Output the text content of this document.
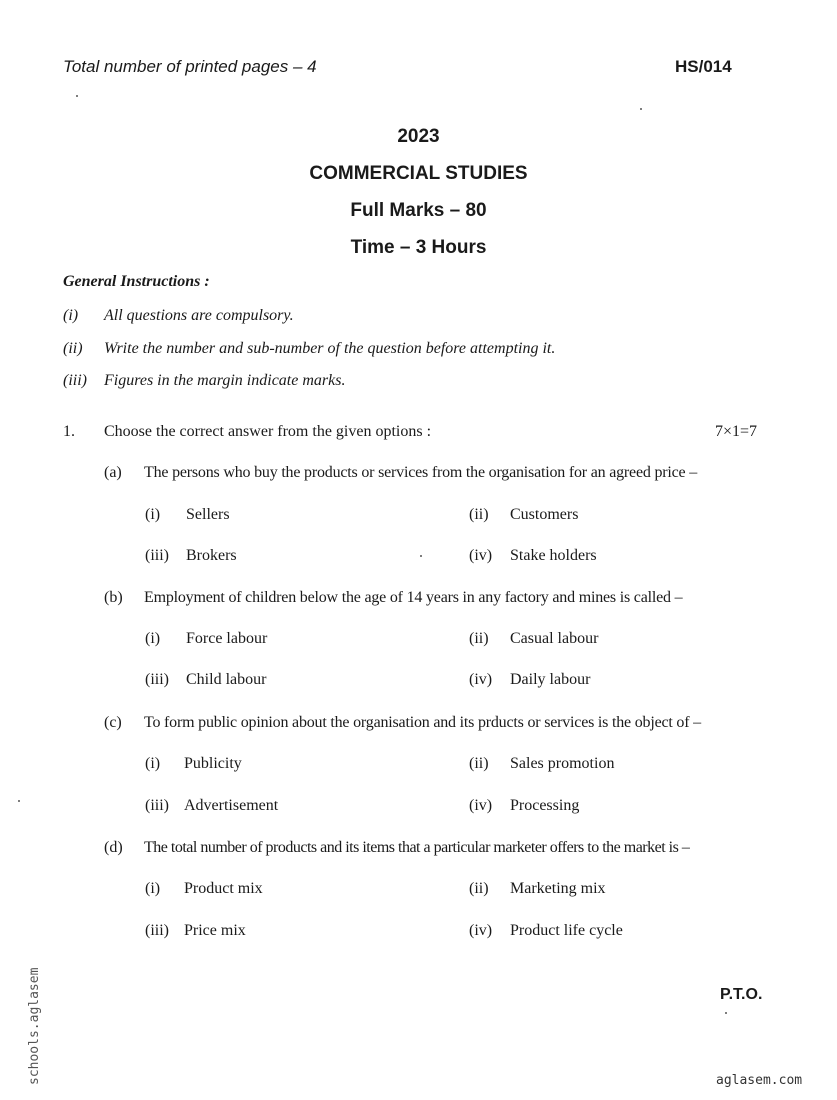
Total number of printed pages – 4	HS/014
2023
COMMERCIAL STUDIES
Full Marks – 80
Time – 3 Hours
General Instructions :
(i) All questions are compulsory.
(ii) Write the number and sub-number of the question before attempting it.
(iii) Figures in the margin indicate marks.
1. Choose the correct answer from the given options :	7×1=7
(a) The persons who buy the products or services from the organisation for an agreed price –
(i) Sellers	(ii) Customers
(iii) Brokers	(iv) Stake holders
(b) Employment of children below the age of 14 years in any factory and mines is called –
(i) Force labour	(ii) Casual labour
(iii) Child labour	(iv) Daily labour
(c) To form public opinion about the organisation and its prducts or services is the object of –
(i) Publicity	(ii) Sales promotion
(iii) Advertisement	(iv) Processing
(d) The total number of products and its items that a particular marketer offers to the market is –
(i) Product mix	(ii) Marketing mix
(iii) Price mix	(iv) Product life cycle
P.T.O.
aglasem.com
schools.aglasem
